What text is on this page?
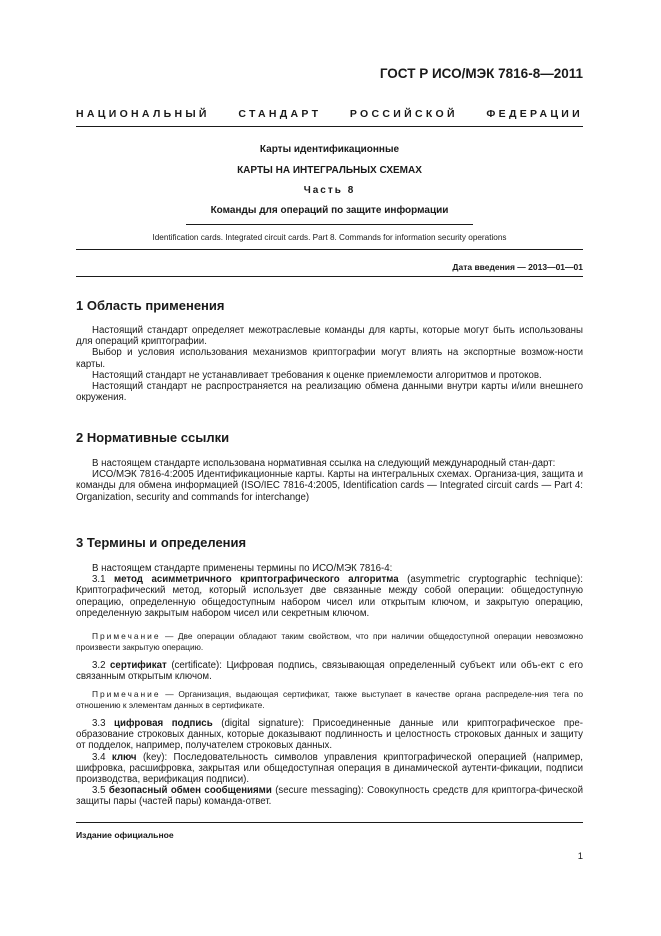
ГОСТ Р ИСО/МЭК 7816-8—2011
НАЦИОНАЛЬНЫЙ СТАНДАРТ РОССИЙСКОЙ ФЕДЕРАЦИИ
Карты идентификационные
КАРТЫ НА ИНТЕГРАЛЬНЫХ СХЕМАХ
Часть 8
Команды для операций по защите информации
Identification cards. Integrated circuit cards. Part 8. Commands for information security operations
Дата введения — 2013—01—01
1 Область применения

Настоящий стандарт определяет межотраслевые команды для карты, которые могут быть использованы для операций криптографии.

Выбор и условия использования механизмов криптографии могут влиять на экспортные возмож-ности карты.

Настоящий стандарт не устанавливает требования к оценке приемлемости алгоритмов и протоков.

Настоящий стандарт не распространяется на реализацию обмена данными внутри карты и/или внешнего окружения.

2 Нормативные ссылки

В настоящем стандарте использована нормативная ссылка на следующий международный стан-дарт:

ИСО/МЭК 7816-4:2005 Идентификационные карты. Карты на интегральных схемах. Организа-ция, защита и команды для обмена информацией (ISO/IEC 7816-4:2005, Identification cards — Integrated circuit cards — Part 4: Organization, security and commands for interchange)

3 Термины и определения

В настоящем стандарте применены термины по ИСО/МЭК 7816-4:

3.1 метод асимметричного криптографического алгоритма (asymmetric cryptographic technique): Криптографический метод, который использует две связанные между собой операции: общедоступную операцию, определенную общедоступным набором чисел или открытым ключом, и закрытую операцию, определенную закрытым набором чисел или секретным ключом.

Примечание — Две операции обладают таким свойством, что при наличии общедоступной операции невозможно произвести закрытую операцию.

3.2 сертификат (certificate): Цифровая подпись, связывающая определенный субъект или объ-ект с его связанным открытым ключом.

Примечание — Организация, выдающая сертификат, также выступает в качестве органа распределе-ния тега по отношению к элементам данных в сертификате.

3.3 цифровая подпись (digital signature): Присоединенные данные или криптографическое пре-образование строковых данных, которые доказывают подлинность и целостность строковых данных и защиту от подделок, например, получателем строковых данных.

3.4 ключ (key): Последовательность символов управления криптографической операцией (например, шифровка, расшифровка, закрытая или общедоступная операция в динамической аутенти-фикации, подписи производства, верификация подписи).

3.5 безопасный обмен сообщениями (secure messaging): Совокупность средств для криптогра-фической защиты пары (частей пары) команда-ответ.

Издание официальное
1
